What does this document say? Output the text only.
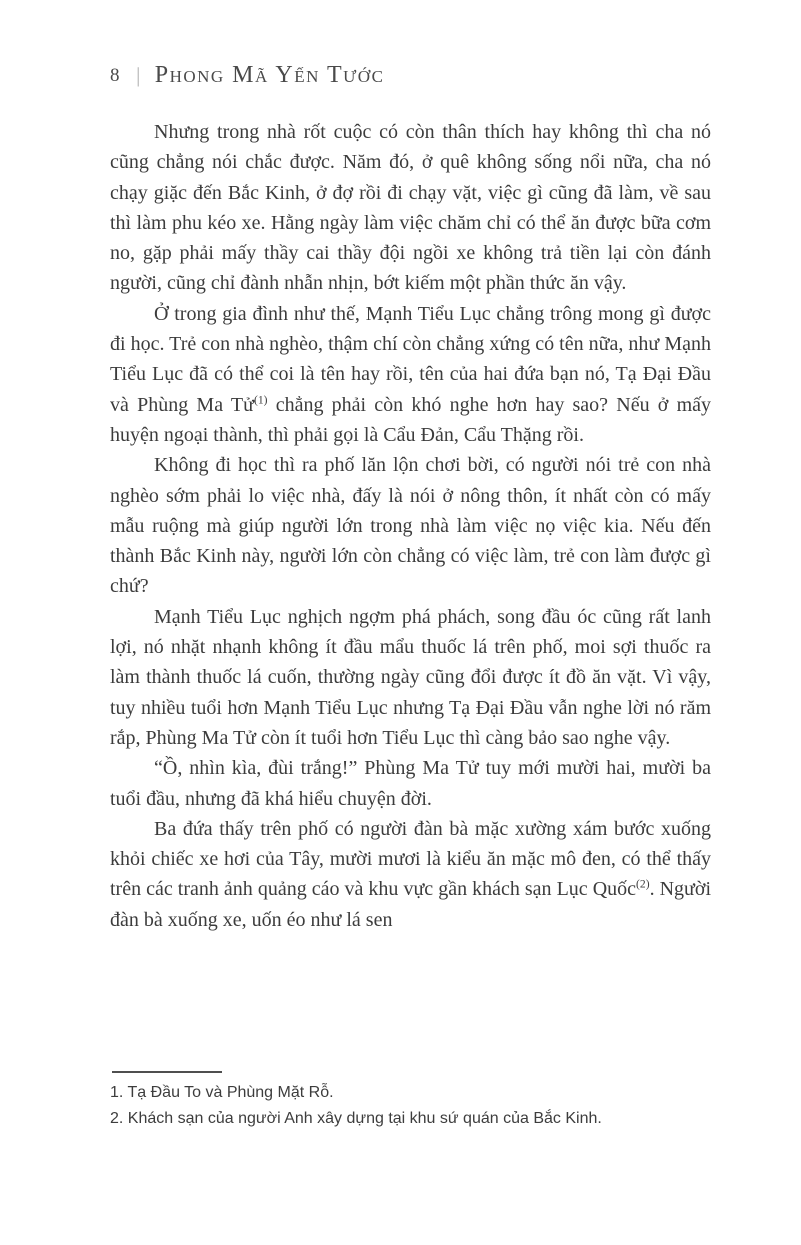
8 | Phong Mã Yến Tước

Nhưng trong nhà rốt cuộc có còn thân thích hay không thì cha nó cũng chẳng nói chắc được. Năm đó, ở quê không sống nổi nữa, cha nó chạy giặc đến Bắc Kinh, ở đợ rồi đi chạy vặt, việc gì cũng đã làm, về sau thì làm phu kéo xe. Hằng ngày làm việc chăm chỉ có thể ăn được bữa cơm no, gặp phải mấy thầy cai thầy đội ngồi xe không trả tiền lại còn đánh người, cũng chỉ đành nhẫn nhịn, bớt kiếm một phần thức ăn vậy.

Ở trong gia đình như thế, Mạnh Tiểu Lục chẳng trông mong gì được đi học. Trẻ con nhà nghèo, thậm chí còn chẳng xứng có tên nữa, như Mạnh Tiểu Lục đã có thể coi là tên hay rồi, tên của hai đứa bạn nó, Tạ Đại Đầu và Phùng Ma Tử$^{(1)}$ chẳng phải còn khó nghe hơn hay sao? Nếu ở mấy huyện ngoại thành, thì phải gọi là Cẩu Đản, Cẩu Thặng rồi.

Không đi học thì ra phố lăn lộn chơi bời, có người nói trẻ con nhà nghèo sớm phải lo việc nhà, đấy là nói ở nông thôn, ít nhất còn có mấy mẫu ruộng mà giúp người lớn trong nhà làm việc nọ việc kia. Nếu đến thành Bắc Kinh này, người lớn còn chẳng có việc làm, trẻ con làm được gì chứ?

Mạnh Tiểu Lục nghịch ngợm phá phách, song đầu óc cũng rất lanh lợi, nó nhặt nhạnh không ít đầu mẩu thuốc lá trên phố, moi sợi thuốc ra làm thành thuốc lá cuốn, thường ngày cũng đổi được ít đồ ăn vặt. Vì vậy, tuy nhiều tuổi hơn Mạnh Tiểu Lục nhưng Tạ Đại Đầu vẫn nghe lời nó răm rắp, Phùng Ma Tử còn ít tuổi hơn Tiểu Lục thì càng bảo sao nghe vậy.

“Ồ, nhìn kìa, đùi trắng!” Phùng Ma Tử tuy mới mười hai, mười ba tuổi đầu, nhưng đã khá hiểu chuyện đời.

Ba đứa thấy trên phố có người đàn bà mặc xường xám bước xuống khỏi chiếc xe hơi của Tây, mười mươi là kiểu ăn mặc mô đen, có thể thấy trên các tranh ảnh quảng cáo và khu vực gần khách sạn Lục Quốc$^{(2)}$. Người đàn bà xuống xe, uốn éo như lá sen

1. Tạ Đầu To và Phùng Mặt Rỗ.
2. Khách sạn của người Anh xây dựng tại khu sứ quán của Bắc Kinh.
